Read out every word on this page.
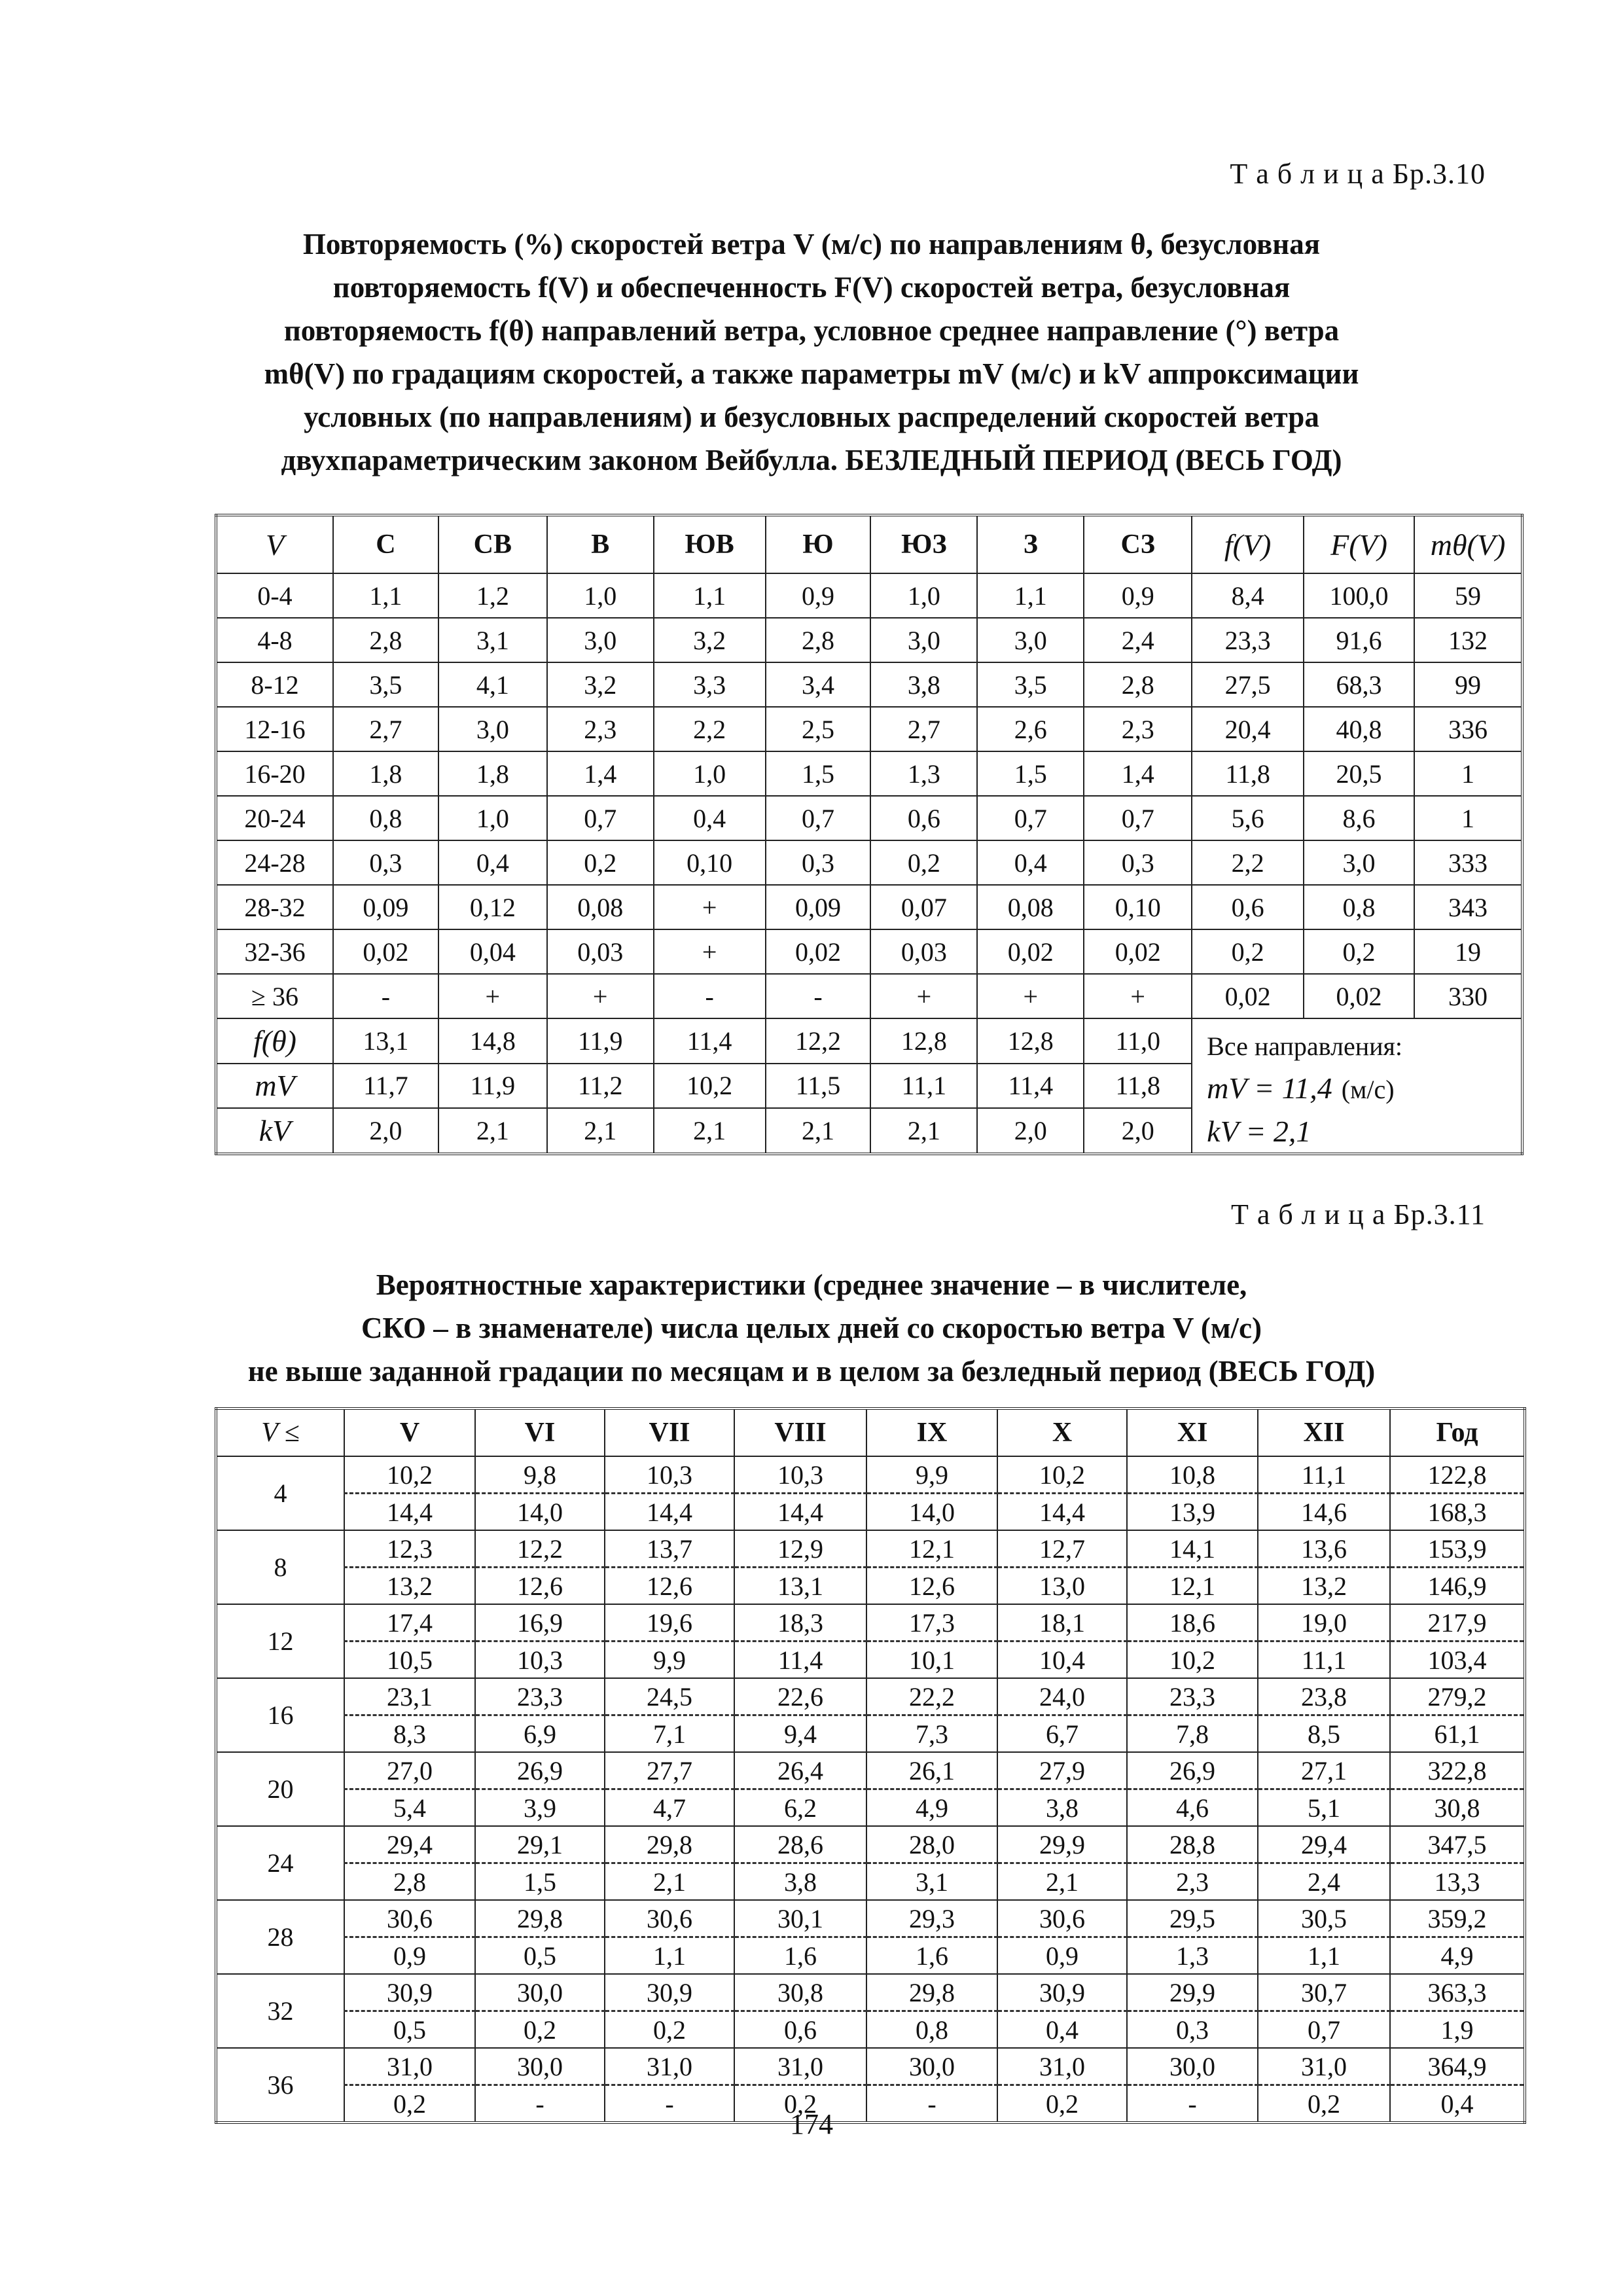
Т а б л и ц а Бр.3.10
Повторяемость (%) скоростей ветра V (м/с) по направлениям θ, безусловная
повторяемость f(V) и обеспеченность F(V) скоростей ветра, безусловная
повторяемость f(θ) направлений ветра, условное среднее направление (°) ветра
mθ(V) по градациям скоростей, а также параметры mV (м/с) и kV аппроксимации
условных (по направлениям) и безусловных распределений скоростей ветра
двухпараметрическим законом Вейбулла. БЕЗЛЕДНЫЙ ПЕРИОД (ВЕСЬ ГОД)
V	С	СВ	В	ЮВ	Ю	ЮЗ	З	СЗ	f(V)	F(V)	mθ(V)
0-4	1,1	1,2	1,0	1,1	0,9	1,0	1,1	0,9	8,4	100,0	59
4-8	2,8	3,1	3,0	3,2	2,8	3,0	3,0	2,4	23,3	91,6	132
8-12	3,5	4,1	3,2	3,3	3,4	3,8	3,5	2,8	27,5	68,3	99
12-16	2,7	3,0	2,3	2,2	2,5	2,7	2,6	2,3	20,4	40,8	336
16-20	1,8	1,8	1,4	1,0	1,5	1,3	1,5	1,4	11,8	20,5	1
20-24	0,8	1,0	0,7	0,4	0,7	0,6	0,7	0,7	5,6	8,6	1
24-28	0,3	0,4	0,2	0,10	0,3	0,2	0,4	0,3	2,2	3,0	333
28-32	0,09	0,12	0,08	+	0,09	0,07	0,08	0,10	0,6	0,8	343
32-36	0,02	0,04	0,03	+	0,02	0,03	0,02	0,02	0,2	0,2	19
≥ 36	-	+	+	-	-	+	+	+	0,02	0,02	330
f(θ)	13,1	14,8	11,9	11,4	12,2	12,8	12,8	11,0	Все направления:
mV = 11,4 (м/с)
kV = 2,1		

mV	11,7	11,9	11,2	10,2	11,5	11,1	11,4	11,8			
kV	2,0	2,1	2,1	2,1	2,1	2,1	2,0	2,0			
Т а б л и ц а Бр.3.11
Вероятностные характеристики (среднее значение – в числителе,
СКО – в знаменателе) числа целых дней со скоростью ветра V (м/с)
не выше заданной градации по месяцам и в целом за безледный период (ВЕСЬ ГОД)
V ≤	V	VI	VII	VIII	IX	X	XI	XII	Год
4	10,2	9,8	10,3	10,3	9,9	10,2	10,8	11,1	122,8
	14,4	14,0	14,4	14,4	14,0	14,4	13,9	14,6	168,3
8	12,3	12,2	13,7	12,9	12,1	12,7	14,1	13,6	153,9
	13,2	12,6	12,6	13,1	12,6	13,0	12,1	13,2	146,9
12	17,4	16,9	19,6	18,3	17,3	18,1	18,6	19,0	217,9
	10,5	10,3	9,9	11,4	10,1	10,4	10,2	11,1	103,4
16	23,1	23,3	24,5	22,6	22,2	24,0	23,3	23,8	279,2
	8,3	6,9	7,1	9,4	7,3	6,7	7,8	8,5	61,1
20	27,0	26,9	27,7	26,4	26,1	27,9	26,9	27,1	322,8
	5,4	3,9	4,7	6,2	4,9	3,8	4,6	5,1	30,8
24	29,4	29,1	29,8	28,6	28,0	29,9	28,8	29,4	347,5
	2,8	1,5	2,1	3,8	3,1	2,1	2,3	2,4	13,3
28	30,6	29,8	30,6	30,1	29,3	30,6	29,5	30,5	359,2
	0,9	0,5	1,1	1,6	1,6	0,9	1,3	1,1	4,9
32	30,9	30,0	30,9	30,8	29,8	30,9	29,9	30,7	363,3
	0,5	0,2	0,2	0,6	0,8	0,4	0,3	0,7	1,9
36	31,0	30,0	31,0	31,0	30,0	31,0	30,0	31,0	364,9
	0,2	-	-	0,2	-	0,2	-	0,2	0,4
174
